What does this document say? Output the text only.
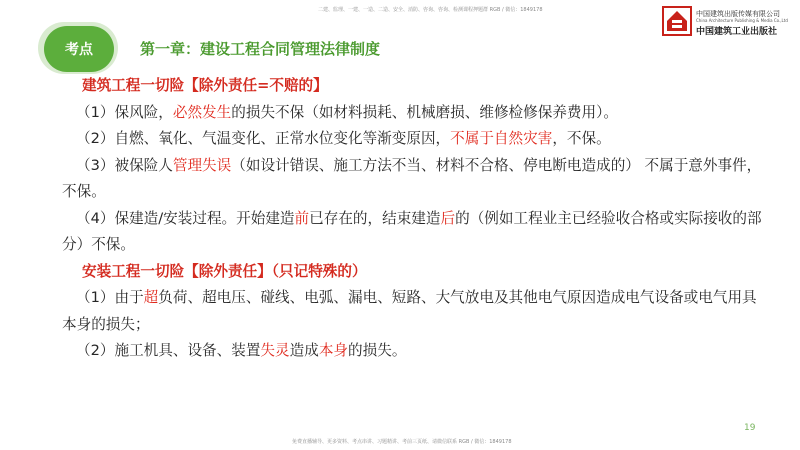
二建、监理、一建、一造、二造、安全、消防、咨询、咨询、检测课程押题群 RGB / 微信：1849178
考点	第一章：建设工程合同管理法律制度
中国建筑出版传媒有限公司
China Architecture Publishing & Media Co.,Ltd
中国建筑工业出版社

建筑工程一切险【除外责任=不赔的】

（1）保风险，必然发生的损失不保（如材料损耗、机械磨损、维修检修保养费用）。

（2）自燃、氧化、气温变化、正常水位变化等渐变原因，不属于自然灾害，不保。

（3）被保险人管理失误（如设计错误、施工方法不当、材料不合格、停电断电造成的） 不属于意外事件，不保。

（4）保建造/安装过程。开始建造前已存在的，结束建造后的（例如工程业主已经验收合格或实际接收的部分）不保。

安装工程一切险【除外责任】（只记特殊的）

（1）由于超负荷、超电压、碰线、电弧、漏电、短路、大气放电及其他电气原因造成电气设备或电气用具本身的损失；

（2）施工机具、设备、装置失灵造成本身的损失。

19
免费直播辅导、更多资料、考点串讲、习题精讲、考前三页纸、请微信联系 RGB / 微信：1849178
